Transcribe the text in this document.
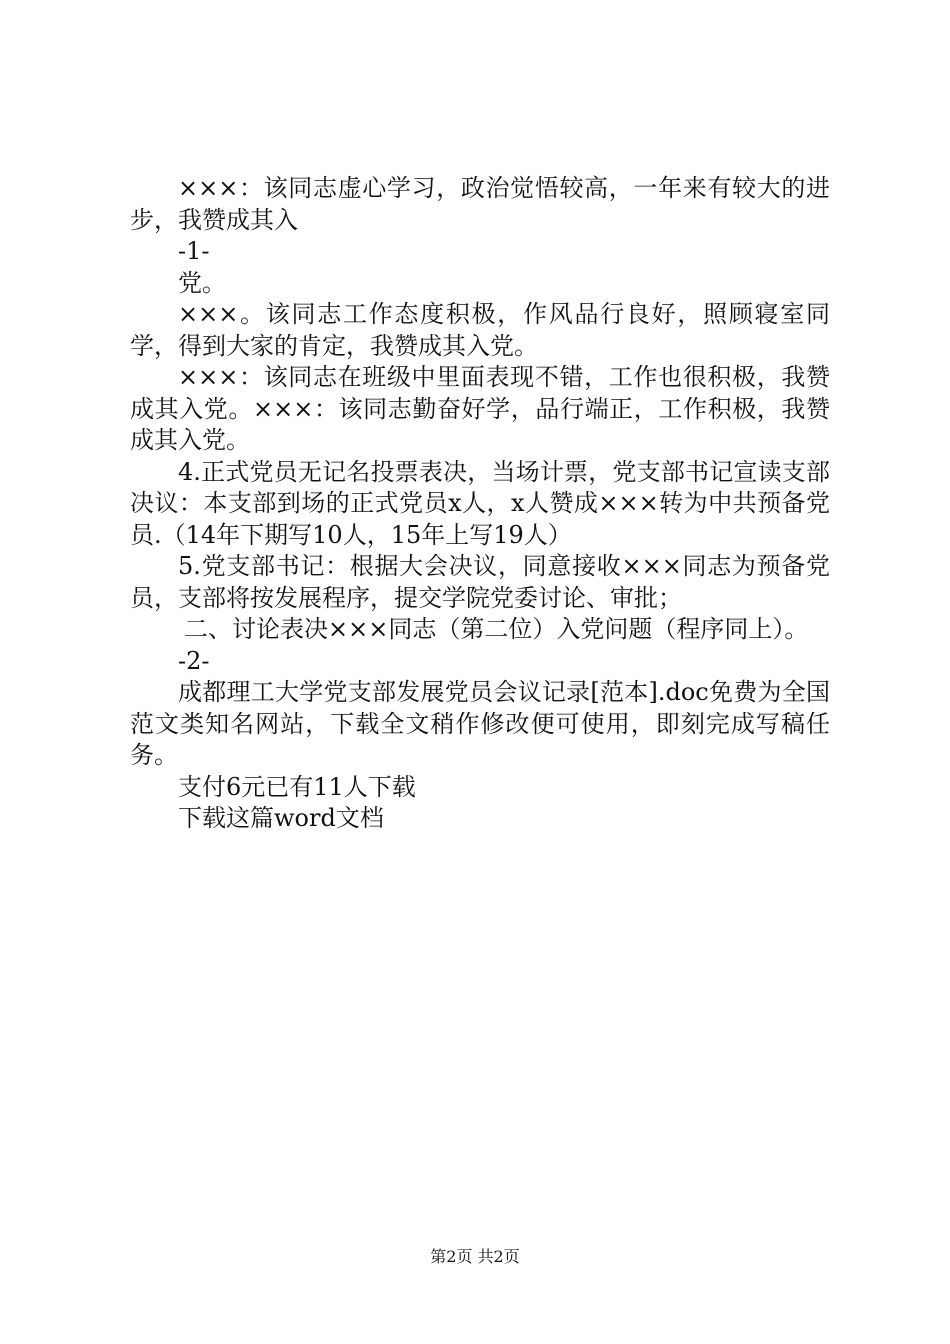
×××：该同志虚心学习，政治觉悟较高，一年来有较大的进步，我赞成其入

-1-

党。

×××。该同志工作态度积极，作风品行良好，照顾寝室同学，得到大家的肯定，我赞成其入党。

×××：该同志在班级中里面表现不错，工作也很积极，我赞成其入党。×××：该同志勤奋好学，品行端正，工作积极，我赞成其入党。

4.正式党员无记名投票表决，当场计票，党支部书记宣读支部决议：本支部到场的正式党员x人，x人赞成×××转为中共预备党员.（14年下期写10人，15年上写19人）

5.党支部书记：根据大会决议，同意接收×××同志为预备党员，支部将按发展程序，提交学院党委讨论、审批；

二、讨论表决×××同志（第二位）入党问题（程序同上）。

-2-

成都理工大学党支部发展党员会议记录[范本].doc免费为全国范文类知名网站，下载全文稍作修改便可使用，即刻完成写稿任务。

支付6元已有11人下载

下载这篇word文档

第2页 共2页
